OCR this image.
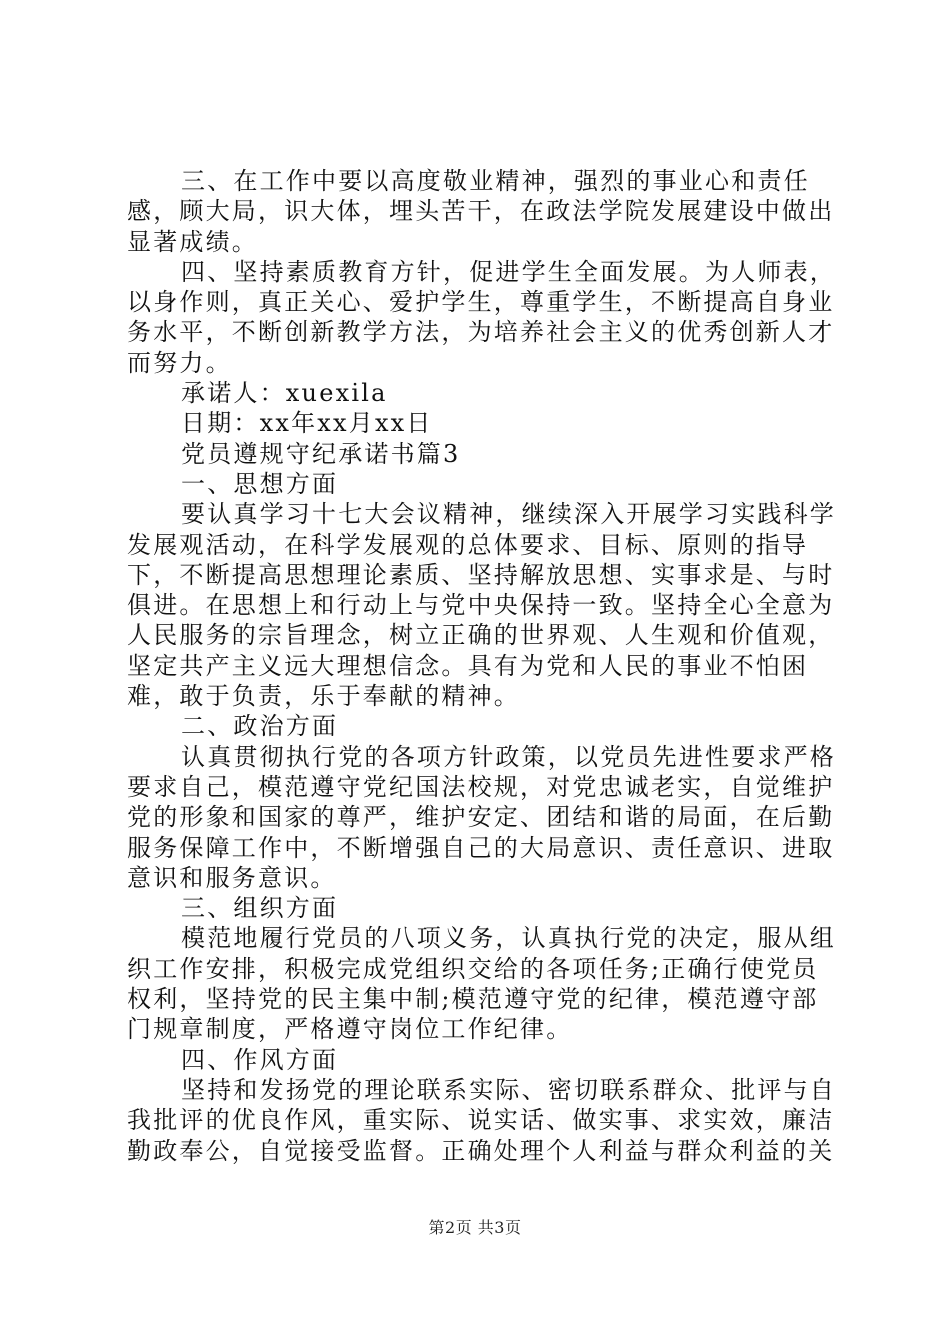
三、在工作中要以高度敬业精神，强烈的事业心和责任感，顾大局，识大体，埋头苦干，在政法学院发展建设中做出显著成绩。

四、坚持素质教育方针，促进学生全面发展。为人师表，以身作则，真正关心、爱护学生，尊重学生，不断提高自身业务水平，不断创新教学方法，为培养社会主义的优秀创新人才而努力。

承诺人：xuexila

日期：xx年xx月xx日

党员遵规守纪承诺书篇3

一、思想方面

要认真学习十七大会议精神，继续深入开展学习实践科学发展观活动，在科学发展观的总体要求、目标、原则的指导下，不断提高思想理论素质、坚持解放思想、实事求是、与时俱进。在思想上和行动上与党中央保持一致。坚持全心全意为人民服务的宗旨理念，树立正确的世界观、人生观和价值观，坚定共产主义远大理想信念。具有为党和人民的事业不怕困难，敢于负责，乐于奉献的精神。

二、政治方面

认真贯彻执行党的各项方针政策，以党员先进性要求严格要求自己，模范遵守党纪国法校规，对党忠诚老实，自觉维护党的形象和国家的尊严，维护安定、团结和谐的局面，在后勤服务保障工作中，不断增强自己的大局意识、责任意识、进取意识和服务意识。

三、组织方面

模范地履行党员的八项义务，认真执行党的决定，服从组织工作安排，积极完成党组织交给的各项任务;正确行使党员权利，坚持党的民主集中制;模范遵守党的纪律，模范遵守部门规章制度，严格遵守岗位工作纪律。

四、作风方面

坚持和发扬党的理论联系实际、密切联系群众、批评与自我批评的优良作风，重实际、说实话、做实事、求实效，廉洁勤政奉公，自觉接受监督。正确处理个人利益与群众利益的关

第2页 共3页
